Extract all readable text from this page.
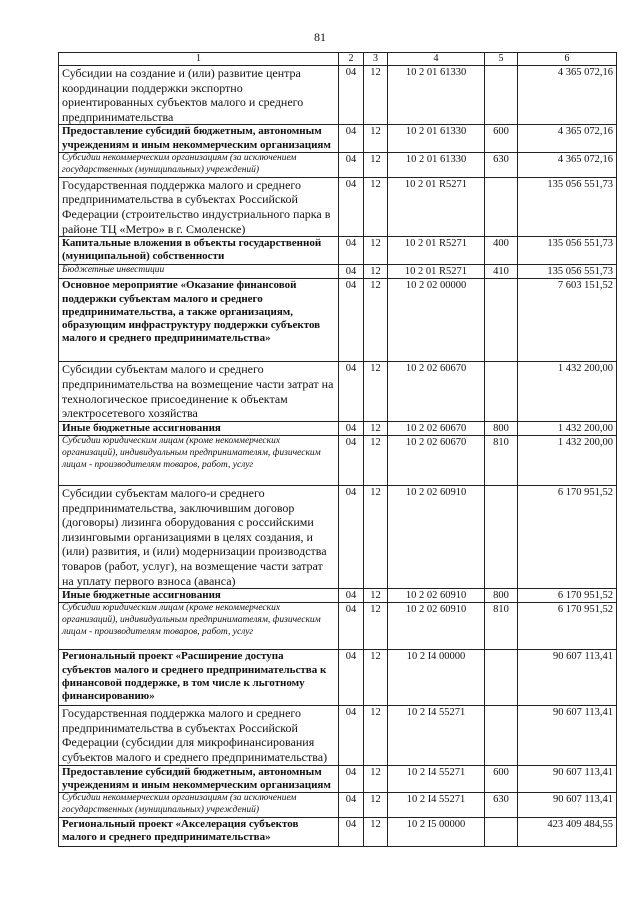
81
1	2	3	4	5	6
Субсидии на создание и (или) развитие центра координации поддержки экспортно ориентированных субъектов малого и среднего предпринимательства	04	12	10 2 01 61330		4 365 072,16
Предоставление субсидий бюджетным, автономным учреждениям и иным некоммерческим организациям	04	12	10 2 01 61330	600	4 365 072,16
Субсидии некоммерческим организациям (за исключением государственных (муниципальных) учреждений)	04	12	10 2 01 61330	630	4 365 072,16
Государственная поддержка малого и среднего предпринимательства в субъектах Российской Федерации (строительство индустриального парка в районе ТЦ «Метро» в г. Смоленске)	04	12	10 2 01 R5271		135 056 551,73
Капитальные вложения в объекты государственной (муниципальной) собственности	04	12	10 2 01 R5271	400	135 056 551,73
Бюджетные инвестиции	04	12	10 2 01 R5271	410	135 056 551,73
Основное мероприятие «Оказание финансовой поддержки субъектам малого и среднего предпринимательства, а также организациям, образующим инфраструктуру поддержки субъектов малого и среднего предпринимательства»	04	12	10 2 02 00000		7 603 151,52
Субсидии субъектам малого и среднего предпринимательства на возмещение части затрат на технологическое присоединение к объектам электросетевого хозяйства	04	12	10 2 02 60670		1 432 200,00
Иные бюджетные ассигнования	04	12	10 2 02 60670	800	1 432 200,00
Субсидии юридическим лицам (кроме некоммерческих организаций), индивидуальным предпринимателям, физическим лицам - производителям товаров, работ, услуг	04	12	10 2 02 60670	810	1 432 200,00
Субсидии субъектам малого-и среднего предпринимательства, заключившим договор (договоры) лизинга оборудования с российскими лизинговыми организациями в целях создания, и (или) развития, и (или) модернизации производства товаров (работ, услуг), на возмещение части затрат на уплату первого взноса (аванса)	04	12	10 2 02 60910		6 170 951,52
Иные бюджетные ассигнования	04	12	10 2 02 60910	800	6 170 951,52
Субсидии юридическим лицам (кроме некоммерческих организаций), индивидуальным предпринимателям, физическим лицам - производителям товаров, работ, услуг	04	12	10 2 02 60910	810	6 170 951,52
Региональный проект «Расширение доступа субъектов малого и среднего предпринимательства к финансовой поддержке, в том числе к льготному финансированию»	04	12	10 2 I4 00000		90 607 113,41
Государственная поддержка малого и среднего предпринимательства в субъектах Российской Федерации (субсидии для микрофинансирования субъектов малого и среднего предпринимательства)	04	12	10 2 I4 55271		90 607 113,41
Предоставление субсидий бюджетным, автономным учреждениям и иным некоммерческим организациям	04	12	10 2 I4 55271	600	90 607 113,41
Субсидии некоммерческим организациям (за исключением государственных (муниципальных) учреждений)	04	12	10 2 I4 55271	630	90 607 113,41
Региональный проект «Акселерация субъектов малого и среднего предпринимательства»	04	12	10 2 I5 00000		423 409 484,55
